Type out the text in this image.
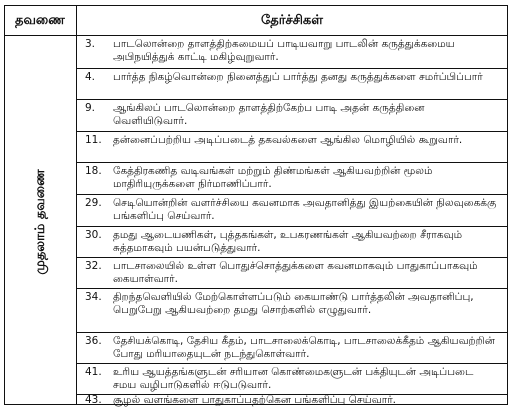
தவணை	தேர்ச்சிகள்
முதலாம் தவணை
3. பாடலொன்றை தாளத்திற்கமையப் பாடியவாறு பாடலின் கருத்துக்கமைய அபிநயித்துக் காட்டி மகிழ்வுறுவார்.
4. பார்த்த நிகழ்வொன்றை நினைத்துப் பார்த்து தனது கருத்துக்களை சமர்ப்பிப்பார்
9. ஆங்கிலப் பாடலொன்றை தாளத்திற்கேற்ப பாடி அதன் கருத்தினை வெளியிடுவார்.
11. தன்னைப்பற்றிய அடிப்படைத் தகவல்களை ஆங்கில மொழியில் கூறுவார்.
18. கேத்திரகணித வடிவங்கள் மற்றும் திண்மங்கள் ஆகியவற்றின் மூலம் மாதிரியுருக்களை நிர்மாணிப்பார்.
29. செடியொன்றின் வளர்ச்சியை கவனமாக அவதானித்து இயற்கையின் நிலவுகைக்கு பங்களிப்பு செய்வார்.
30. தமது ஆடையணிகள், புத்தகங்கள், உபகரணங்கள் ஆகியவற்றை சீராகவும் சுத்தமாகவும் பயன்படுத்துவார்.
32. பாடசாலையில் உள்ள பொதுச்சொத்துக்களை கவனமாகவும் பாதுகாப்பாகவும் கையாள்வார்.
34. திறந்தவெளியில் மேற்கொள்ளப்படும் கையாண்டு பார்த்தலின் அவதானிப்பு, பெறுபேறு ஆகியவற்றை தமது சொற்களில் எழுதுவார்.
36. தேசியக்கொடி, தேசிய கீதம், பாடசாலைக்கொடி, பாடசாலைக்கீதம் ஆகியவற்றின் போது மரியாதையுடன் நடந்துகொள்வார்.
41. உரிய ஆயத்தங்களுடன் சரியான கொண்மைகளுடன் பக்தியுடன் அடிப்படை சமய வழிபாடுகளில் ஈடுபடுவார்.
43. சூழல் வளங்களை பாதுகாப்பதற்கென பங்களிப்பு செய்வார்.
